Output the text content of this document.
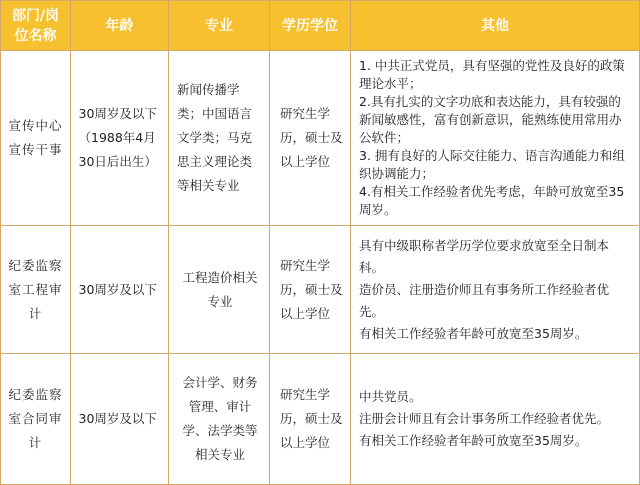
部门/岗位名称	年龄	专业	学历学位	其他
宣传中心宣传干事	30周岁及以下（1988年4月30日后出生）	新闻传播学类；中国语言文学类；马克思主义理论类等相关专业	研究生学历，硕士及以上学位	1. 中共正式党员，具有坚强的党性及良好的政策理论水平；
2.具有扎实的文字功底和表达能力，具有较强的新闻敏感性，富有创新意识，能熟练使用常用办公软件；
3. 拥有良好的人际交往能力、语言沟通能力和组织协调能力；
4.有相关工作经验者优先考虑，年龄可放宽至35周岁。

纪委监察室工程审计	30周岁及以下	工程造价相关专业	研究生学历，硕士及以上学位	具有中级职称者学历学位要求放宽至全日制本科。
造价员、注册造价师且有事务所工作经验者优先。
有相关工作经验者年龄可放宽至35周岁。

纪委监察室合同审计	30周岁及以下	会计学、财务管理、审计学、法学类等相关专业	研究生学历，硕士及以上学位	中共党员。
注册会计师且有会计事务所工作经验者优先。
有相关工作经验者年龄可放宽至35周岁。
